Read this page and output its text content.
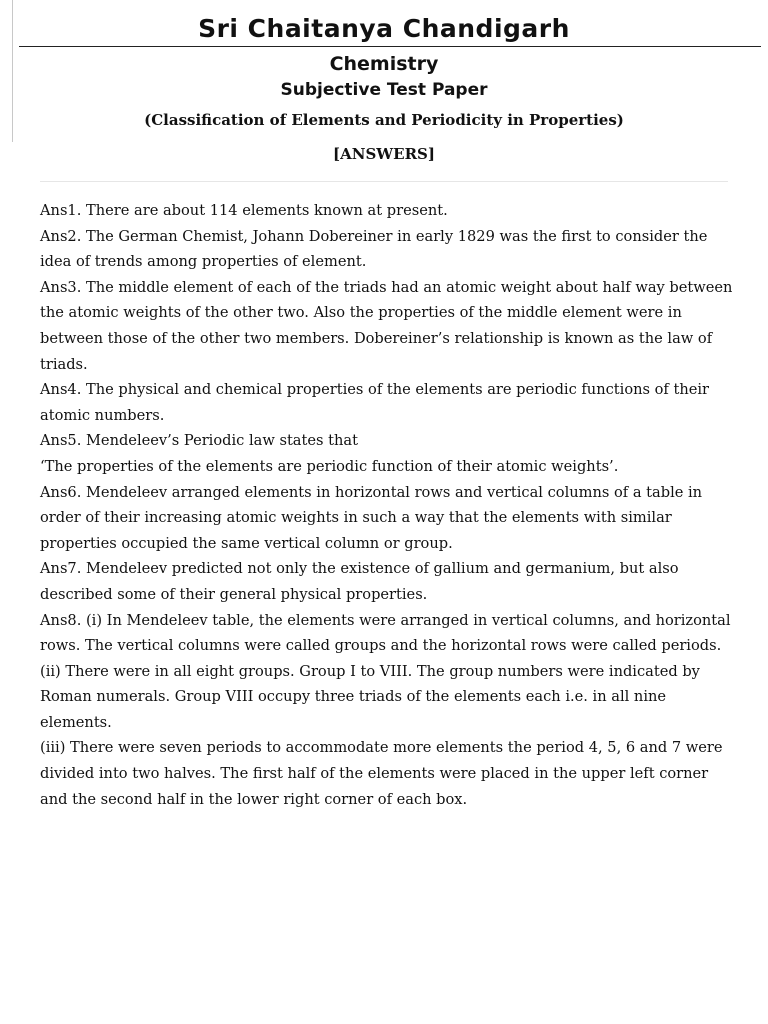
Sri Chaitanya Chandigarh
Chemistry
Subjective Test Paper
(Classification of Elements and Periodicity in Properties)
[ANSWERS]

Ans1. There are about 114 elements known at present.

Ans2. The German Chemist, Johann Dobereiner in early 1829 was the first to consider the idea of trends among properties of element.

Ans3. The middle element of each of the triads had an atomic weight about half way between the atomic weights of the other two. Also the properties of the middle element were in between those of the other two members. Dobereiner’s relationship is known as the law of triads.

Ans4. The physical and chemical properties of the elements are periodic functions of their atomic numbers.

Ans5. Mendeleev’s Periodic law states that

‘The properties of the elements are periodic function of their atomic weights’.

Ans6. Mendeleev arranged elements in horizontal rows and vertical columns of a table in order of their increasing atomic weights in such a way that the elements with similar properties occupied the same vertical column or group.

Ans7. Mendeleev predicted not only the existence of gallium and germanium, but also described some of their general physical properties.

Ans8. (i) In Mendeleev table, the elements were arranged in vertical columns, and horizontal rows. The vertical columns were called groups and the horizontal rows were called periods.

(ii) There were in all eight groups. Group I to VIII. The group numbers were indicated by Roman numerals. Group VIII occupy three triads of the elements each i.e. in all nine elements.

(iii) There were seven periods to accommodate more elements the period 4, 5, 6 and 7 were divided into two halves. The first half of the elements were placed in the upper left corner and the second half in the lower right corner of each box.
